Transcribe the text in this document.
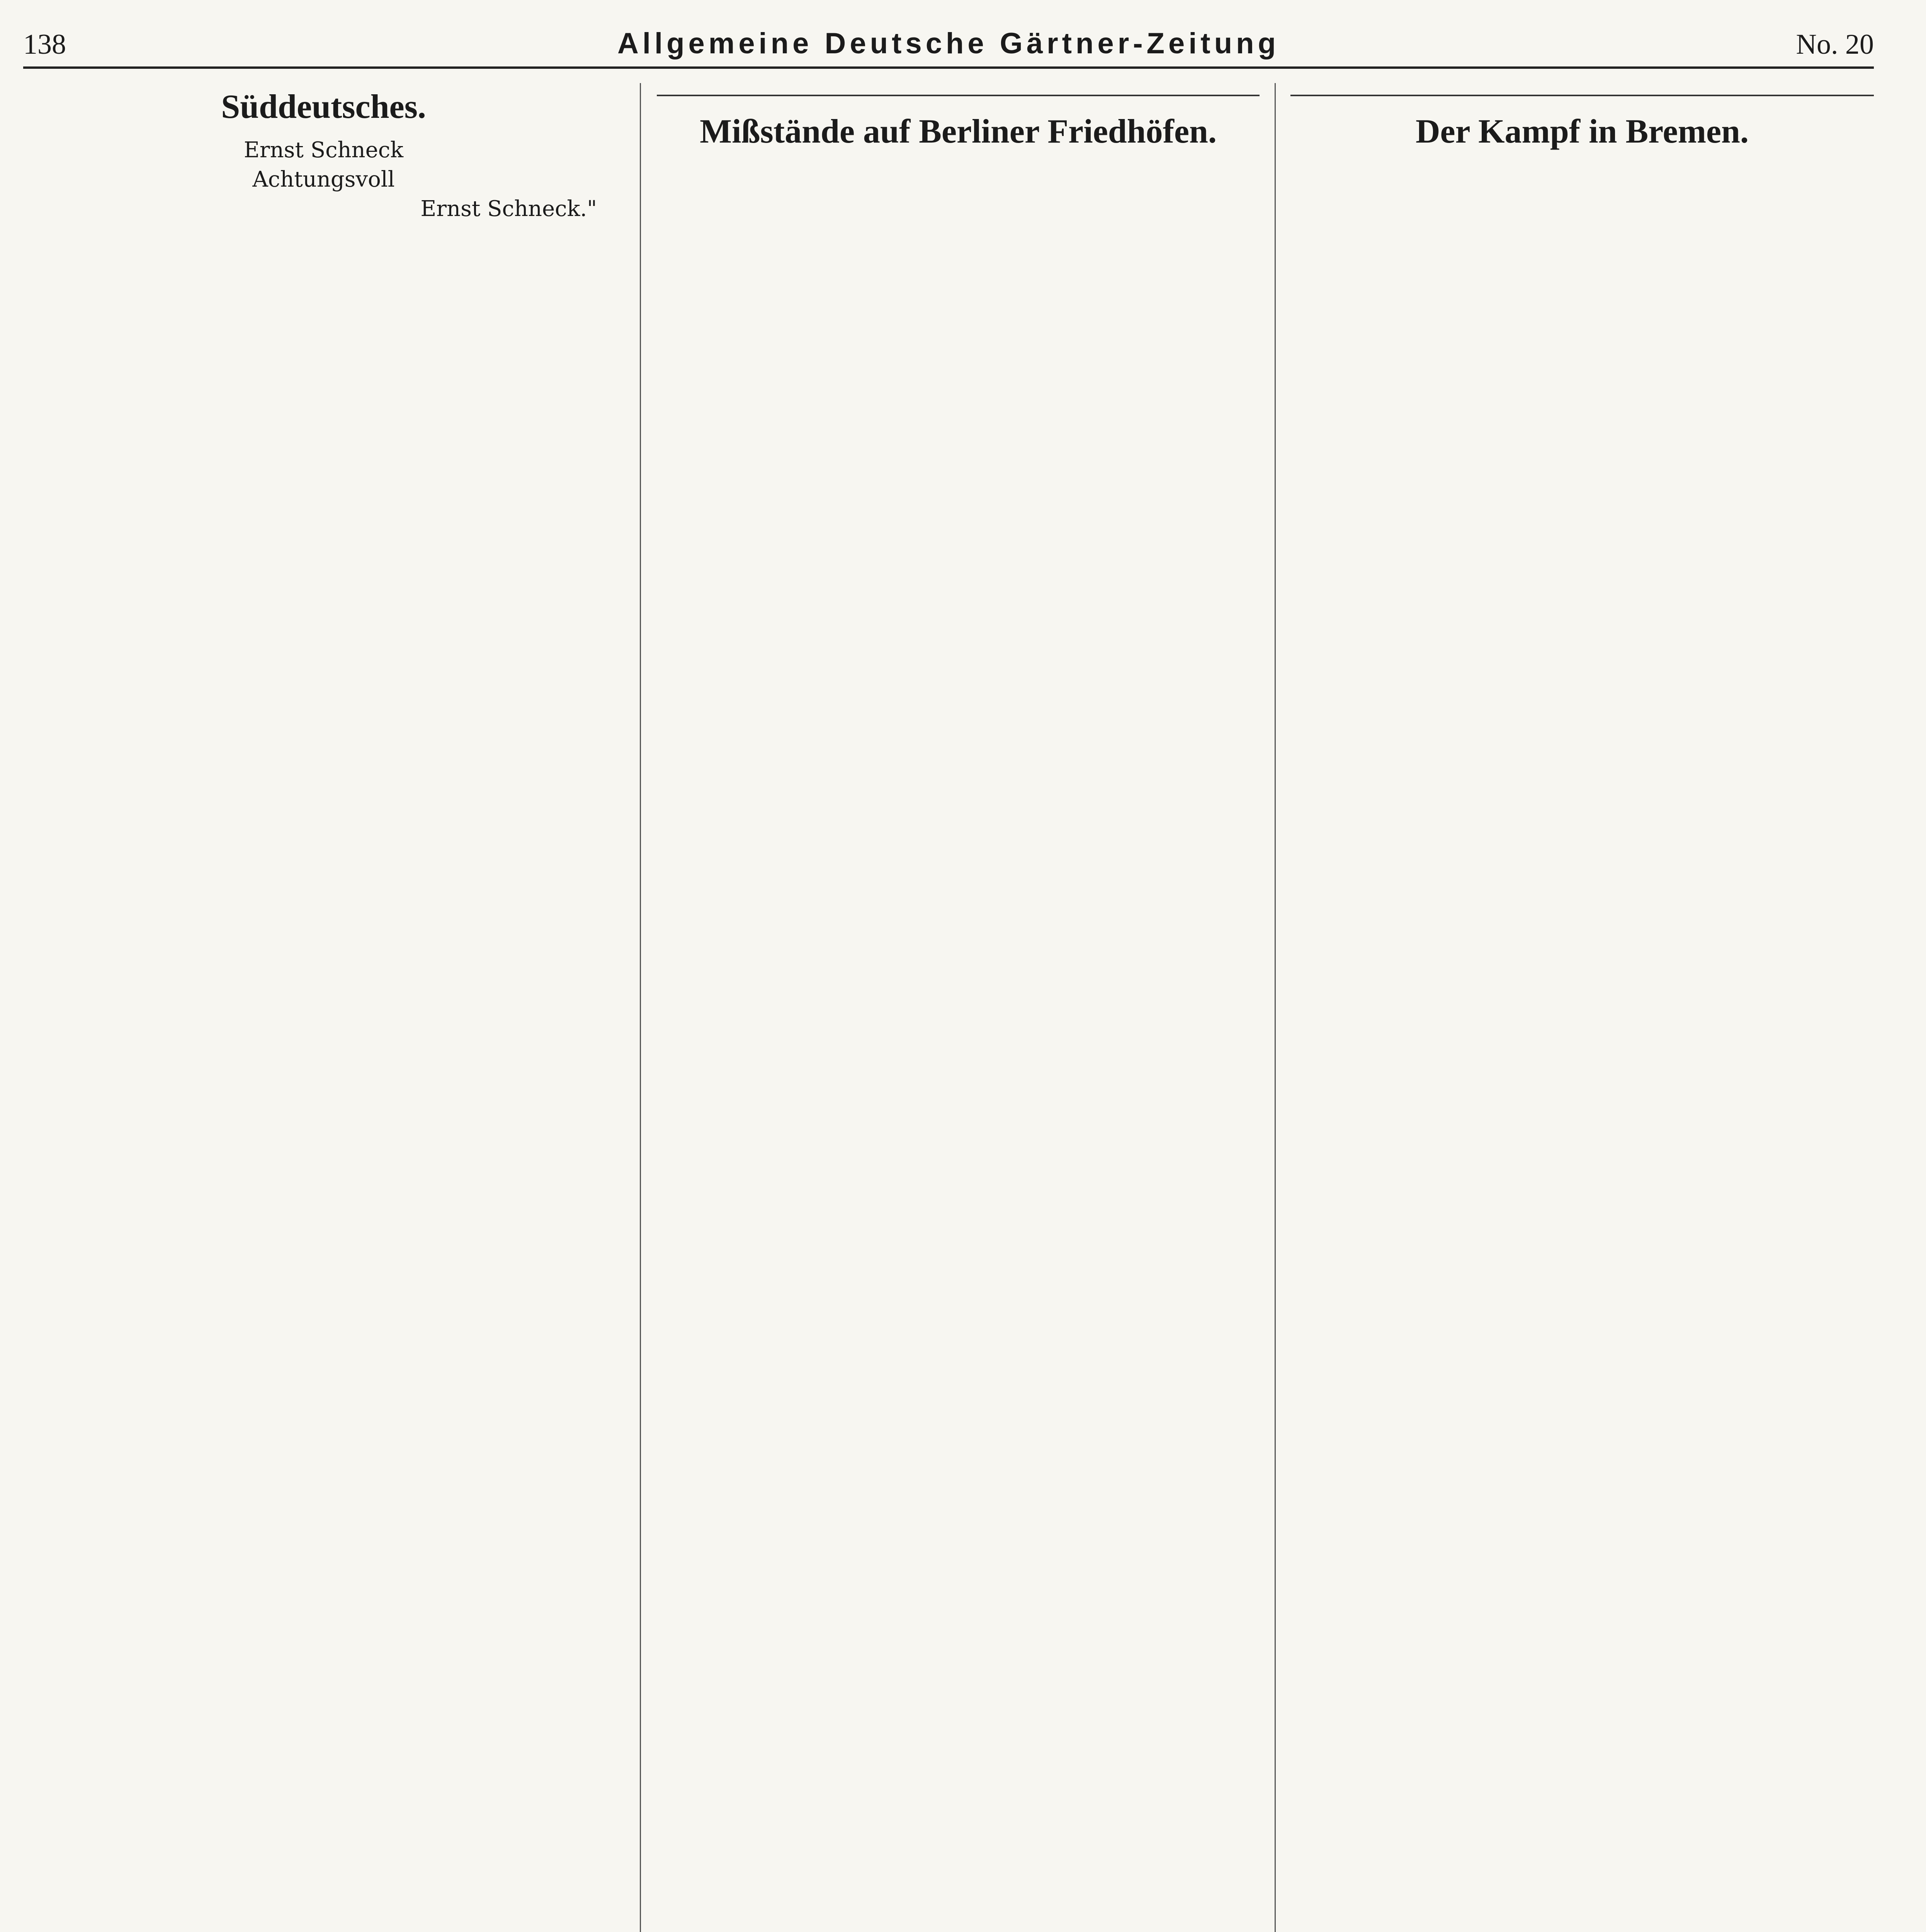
138	Allgemeine Deutsche Gärtner-Zeitung	No. 20
Süddeutsches.

Ernst Schneck

Achtungsvoll

Ernst Schneck."

Mißstände auf Berliner Friedhöfen.	Der Kampf in Bremen.
